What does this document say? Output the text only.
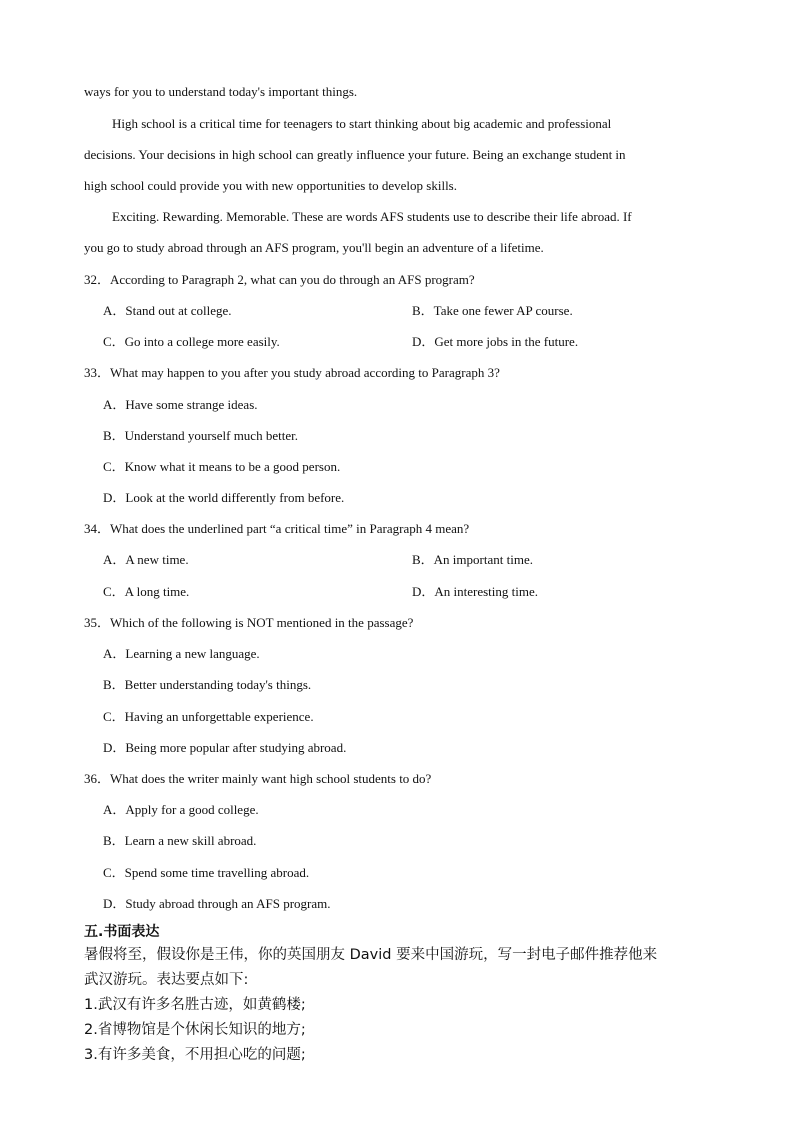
ways for you to understand today's important things.
High school is a critical time for teenagers to start thinking about big academic and professional
decisions. Your decisions in high school can greatly influence your future. Being an exchange student in
high school could provide you with new opportunities to develop skills.
Exciting. Rewarding. Memorable. These are words AFS students use to describe their life abroad. If
you go to study abroad through an AFS program, you'll begin an adventure of a lifetime.
32．According to Paragraph 2, what can you do through an AFS program?
A．Stand out at college.	B．Take one fewer AP course.
C．Go into a college more easily.	D．Get more jobs in the future.
33．What may happen to you after you study abroad according to Paragraph 3?
A．Have some strange ideas.
B．Understand yourself much better.
C．Know what it means to be a good person.
D．Look at the world differently from before.
34．What does the underlined part “a critical time” in Paragraph 4 mean?
A．A new time.	B．An important time.
C．A long time.	D．An interesting time.
35．Which of the following is NOT mentioned in the passage?
A．Learning a new language.
B．Better understanding today's things.
C．Having an unforgettable experience.
D．Being more popular after studying abroad.
36．What does the writer mainly want high school students to do?
A．Apply for a good college.
B．Learn a new skill abroad.
C．Spend some time travelling abroad.
D．Study abroad through an AFS program.
五.书面表达
暑假将至，假设你是王伟，你的英国朋友 David 要来中国游玩，写一封电子邮件推荐他来
武汉游玩。表达要点如下:
1.武汉有许多名胜古迹，如黄鹤楼;
2.省博物馆是个休闲长知识的地方;
3.有许多美食，不用担心吃的问题;
